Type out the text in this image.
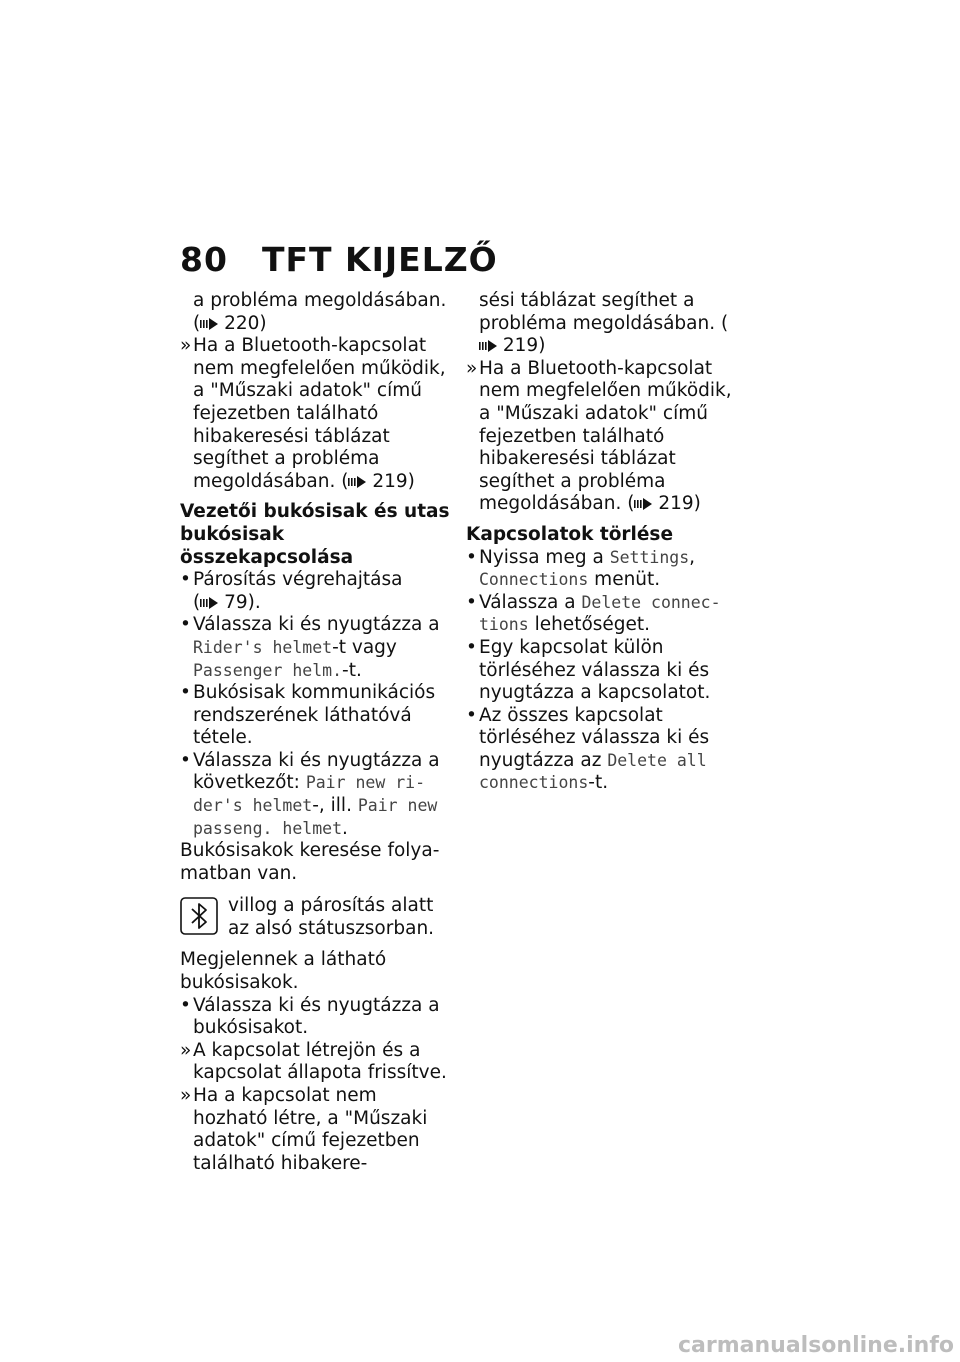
80 TFT KIJELZŐ

a probléma megoldásában.
( 220)

» Ha a Bluetooth-kapcsolat nem megfelelően működik, a "Műszaki adatok" című fejezetben található hibakeresési táblázat segíthet a probléma megoldásában. ( 219)

Vezetői bukósisak és utas bukósisak összekapcsolása

• Párosítás végrehajtása
( 79).
• Válassza ki és nyugtázza a Rider's helmet-t vagy Passenger helm.-t.
• Bukósisak kommunikációs rendszerének láthatóvá tétele.
• Válassza ki és nyugtázza a következőt: Pair new rider's helmet-, ill. Pair new passeng. helmet.

Bukósisakok keresése folyamatban van.

villog a párosítás alatt az alsó státuszsorban.

Megjelennek a látható bukósisakok.

• Válassza ki és nyugtázza a bukósisakot.
» A kapcsolat létrejön és a kapcsolat állapota frissítve.
» Ha a kapcsolat nem hozható létre, a "Műszaki adatok" című fejezetben található hibakere-

sési táblázat segíthet a probléma megoldásában. ( 219)

» Ha a Bluetooth-kapcsolat nem megfelelően működik, a "Műszaki adatok" című fejezetben található hibakeresési táblázat segíthet a probléma megoldásában. ( 219)

Kapcsolatok törlése

• Nyissa meg a Settings, Connections menüt.
• Válassza a Delete connections lehetőséget.
• Egy kapcsolat külön törléséhez válassza ki és nyugtázza a kapcsolatot.
• Az összes kapcsolat törléséhez válassza ki és nyugtázza az Delete all connections-t.
carmanualsonline.info
